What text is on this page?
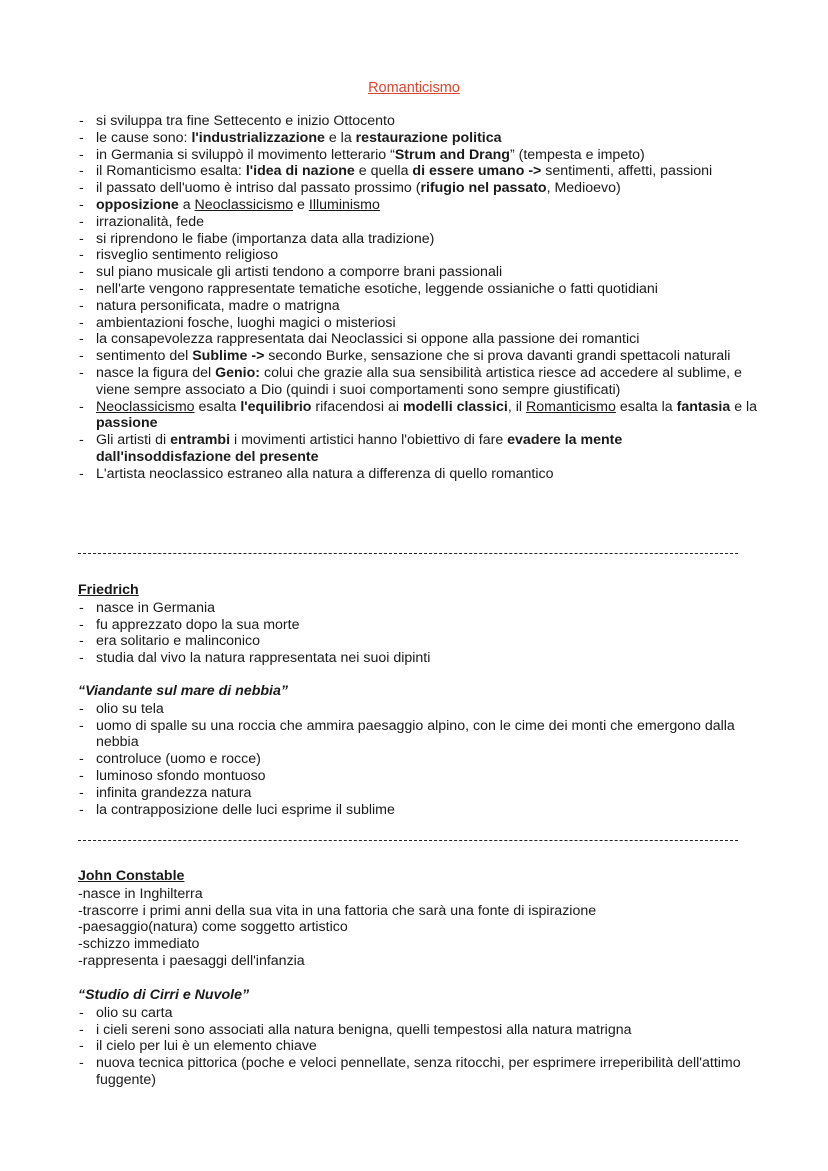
Romanticismo
- si sviluppa tra fine Settecento e inizio Ottocento
- le cause sono: l'industrializzazione e la restaurazione politica
- in Germania si sviluppò il movimento letterario “Strum and Drang” (tempesta e impeto)
- il Romanticismo esalta: l'idea di nazione e quella di essere umano -> sentimenti, affetti, passioni
- il passato dell'uomo è intriso dal passato prossimo (rifugio nel passato, Medioevo)
- opposizione a Neoclassicismo e Illuminismo
- irrazionalità, fede
- si riprendono le fiabe (importanza data alla tradizione)
- risveglio sentimento religioso
- sul piano musicale gli artisti tendono a comporre brani passionali
- nell'arte vengono rappresentate tematiche esotiche, leggende ossianiche o fatti quotidiani
- natura personificata, madre o matrigna
- ambientazioni fosche, luoghi magici o misteriosi
- la consapevolezza rappresentata dai Neoclassici si oppone alla passione dei romantici
- sentimento del Sublime -> secondo Burke, sensazione che si prova davanti grandi spettacoli naturali
- nasce la figura del Genio: colui che grazie alla sua sensibilità artistica riesce ad accedere al sublime, e viene sempre associato a Dio (quindi i suoi comportamenti sono sempre giustificati)
- Neoclassicismo esalta l'equilibrio rifacendosi ai modelli classici, il Romanticismo esalta la fantasia e la passione
- Gli artisti di entrambi i movimenti artistici hanno l'obiettivo di fare evadere la mente dall'insoddisfazione del presente
- L'artista neoclassico estraneo alla natura a differenza di quello romantico
Friedrich
- nasce in Germania
- fu apprezzato dopo la sua morte
- era solitario e malinconico
- studia dal vivo la natura rappresentata nei suoi dipinti
“Viandante sul mare di nebbia”
- olio su tela
- uomo di spalle su una roccia che ammira paesaggio alpino, con le cime dei monti che emergono dalla nebbia
- controluce (uomo e rocce)
- luminoso sfondo montuoso
- infinita grandezza natura
- la contrapposizione delle luci esprime il sublime
John Constable
-nasce in Inghilterra
-trascorre i primi anni della sua vita in una fattoria che sarà una fonte di ispirazione
-paesaggio(natura) come soggetto artistico
-schizzo immediato
-rappresenta i paesaggi dell'infanzia
“Studio di Cirri e Nuvole”
- olio su carta
- i cieli sereni sono associati alla natura benigna, quelli tempestosi alla natura matrigna
- il cielo per lui è un elemento chiave
- nuova tecnica pittorica (poche e veloci pennellate, senza ritocchi, per esprimere irreperibilità dell'attimo fuggente)
